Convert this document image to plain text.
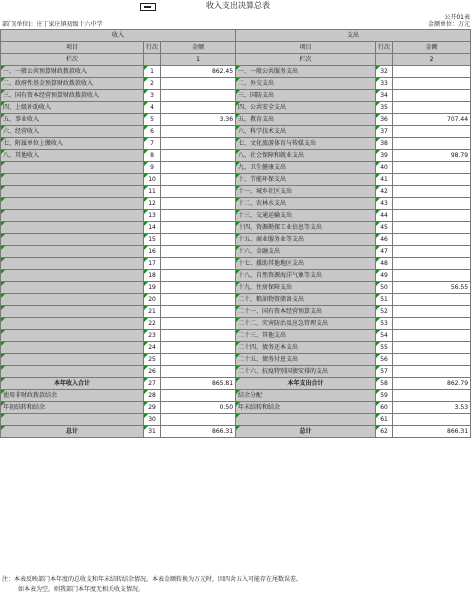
收入支出决算总表
公开01表
部门(单位)：庄丁家庄镇初级十六中学	金额单位：万元
收入			支出		
项目	行次	金额	项目	行次	金额
栏次		1	栏次		2
一、一般公共预算财政拨款收入	1	862.45	一、一般公共服务支出	32	
二、政府性基金预算财政拨款收入	2		二、外交支出	33	
三、国有资本经营预算财政拨款收入	3		三、国防支出	34	
四、上级补助收入	4		四、公共安全支出	35	
五、事业收入	5	3.36	五、教育支出	36	707.44
六、经营收入	6		六、科学技术支出	37	
七、附属单位上缴收入	7		七、文化旅游体育与传媒支出	38	
八、其他收入	8		八、社会保障和就业支出	39	98.79
	9		九、卫生健康支出	40	
	10		十、节能环保支出	41	
	11		十一、城乡社区支出	42	
	12		十二、农林水支出	43	
	13		十三、交通运输支出	44	
	14		十四、资源勘探工业信息等支出	45	
	15		十五、商业服务业等支出	46	
	16		十六、金融支出	47	
	17		十七、援助其他地区支出	48	
	18		十八、自然资源海洋气象等支出	49	
	19		十九、住房保障支出	50	56.55
	20		二十、粮油物资储备支出	51	
	21		二十一、国有资本经营预算支出	52	
	22		二十二、灾害防治及应急管理支出	53	
	23		二十三、其他支出	54	
	24		二十四、债务还本支出	55	
	25		二十五、债务付息支出	56	
	26		二十六、抗疫特别国债安排的支出	57	
本年收入合计	27	865.81	本年支出合计	58	862.79
使用非财政拨款结余	28		结余分配	59	
年初结转和结余	29	0.50	年末结转和结余	60	3.53
	30			61	
总计	31	866.31	总计	62	866.31
注：本表反映部门本年度的总收支和年末结转结余情况。本表金额转换为万元时，因四舍五入可能存在尾数误差。
如本表为空，则我部门本年度无相关收支情况。
